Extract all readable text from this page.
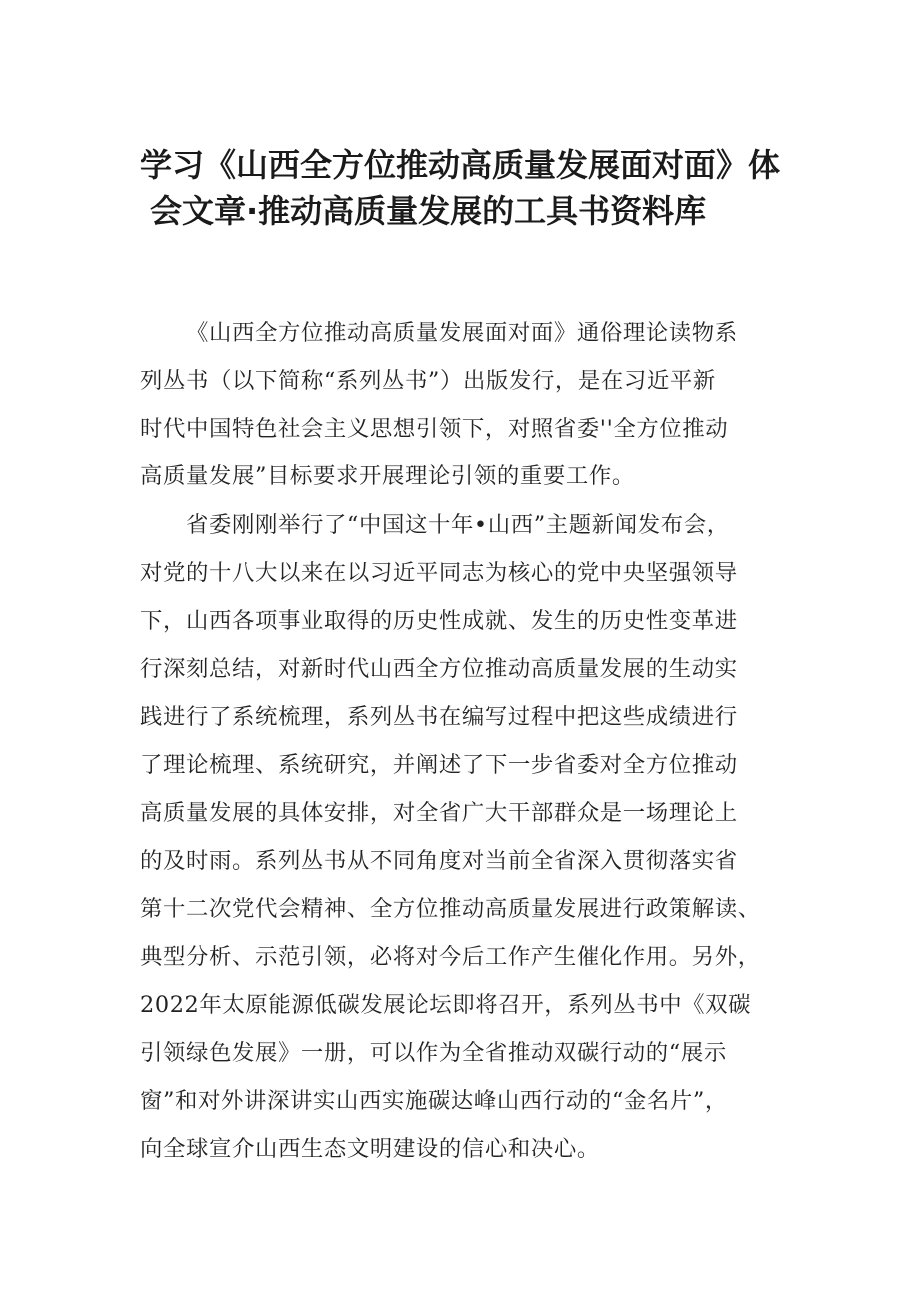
学习《山西全方位推动高质量发展面对面》体
会文章·推动高质量发展的工具书资料库
《山西全方位推动高质量发展面对面》通俗理论读物系
列丛书（以下简称“系列丛书”）出版发行，是在习近平新
时代中国特色社会主义思想引领下，对照省委''全方位推动
高质量发展”目标要求开展理论引领的重要工作。
省委刚刚举行了“中国这十年•山西”主题新闻发布会，
对党的十八大以来在以习近平同志为核心的党中央坚强领导
下，山西各项事业取得的历史性成就、发生的历史性变革进
行深刻总结，对新时代山西全方位推动高质量发展的生动实
践进行了系统梳理，系列丛书在编写过程中把这些成绩进行
了理论梳理、系统研究，并阐述了下一步省委对全方位推动
高质量发展的具体安排，对全省广大干部群众是一场理论上
的及时雨。系列丛书从不同角度对当前全省深入贯彻落实省
第十二次党代会精神、全方位推动高质量发展进行政策解读、
典型分析、示范引领，必将对今后工作产生催化作用。另外，
2022年太原能源低碳发展论坛即将召开，系列丛书中《双碳
引领绿色发展》一册，可以作为全省推动双碳行动的“展示
窗”和对外讲深讲实山西实施碳达峰山西行动的“金名片”，
向全球宣介山西生态文明建设的信心和决心。
